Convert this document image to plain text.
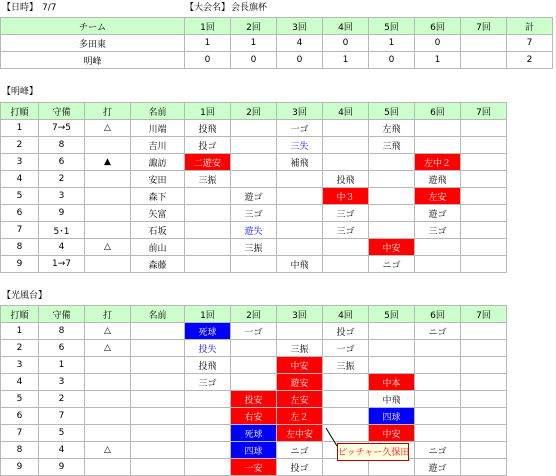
【日時】 7/7	【大会名】 会長旗杯
チーム	1回	2回	3回	4回	5回	6回	7回	計
多田東	1	1	4	0	1	0		7
明峰	0	0	0	1	0	1		2
【明峰】
打順	守備	打	名前	1回	2回	3回	4回	5回	6回	7回
1	7→5	△	川端	投飛		一ゴ		左飛		
2	8		吉川	投ゴ		三失		三飛		
3	6	▲	諏訪	二遊安		補飛			左中２	
4	2		安田	三振			投飛		遊飛	
5	3		森下		遊ゴ		中３		左安	
6	9		矢富		三ゴ		三ゴ		遊ゴ	
7	5･1		石坂		遊失		三ゴ		三ゴ	
8	4	△	前山		三振			中安		
9	1→7		森藤			中飛		ニゴ		
【光風台】
打順	守備	打	名前	1回	2回	3回	4回	5回	6回	7回
1	8	△		死球	一ゴ		投ゴ		ニゴ	
2	6	△		投失		三振	一ゴ			
3	1			投飛		中安	三振			
4	3			三ゴ		遊安		中本		
5	2				投安	左安		中飛		
6	7				右安	左２		四球		
7	5				死球	左中安		中安		
8	4	△			四球	ニゴ			ニゴ	
9	9				一安	投ゴ			遊ゴ	
ピッチャー久保田
